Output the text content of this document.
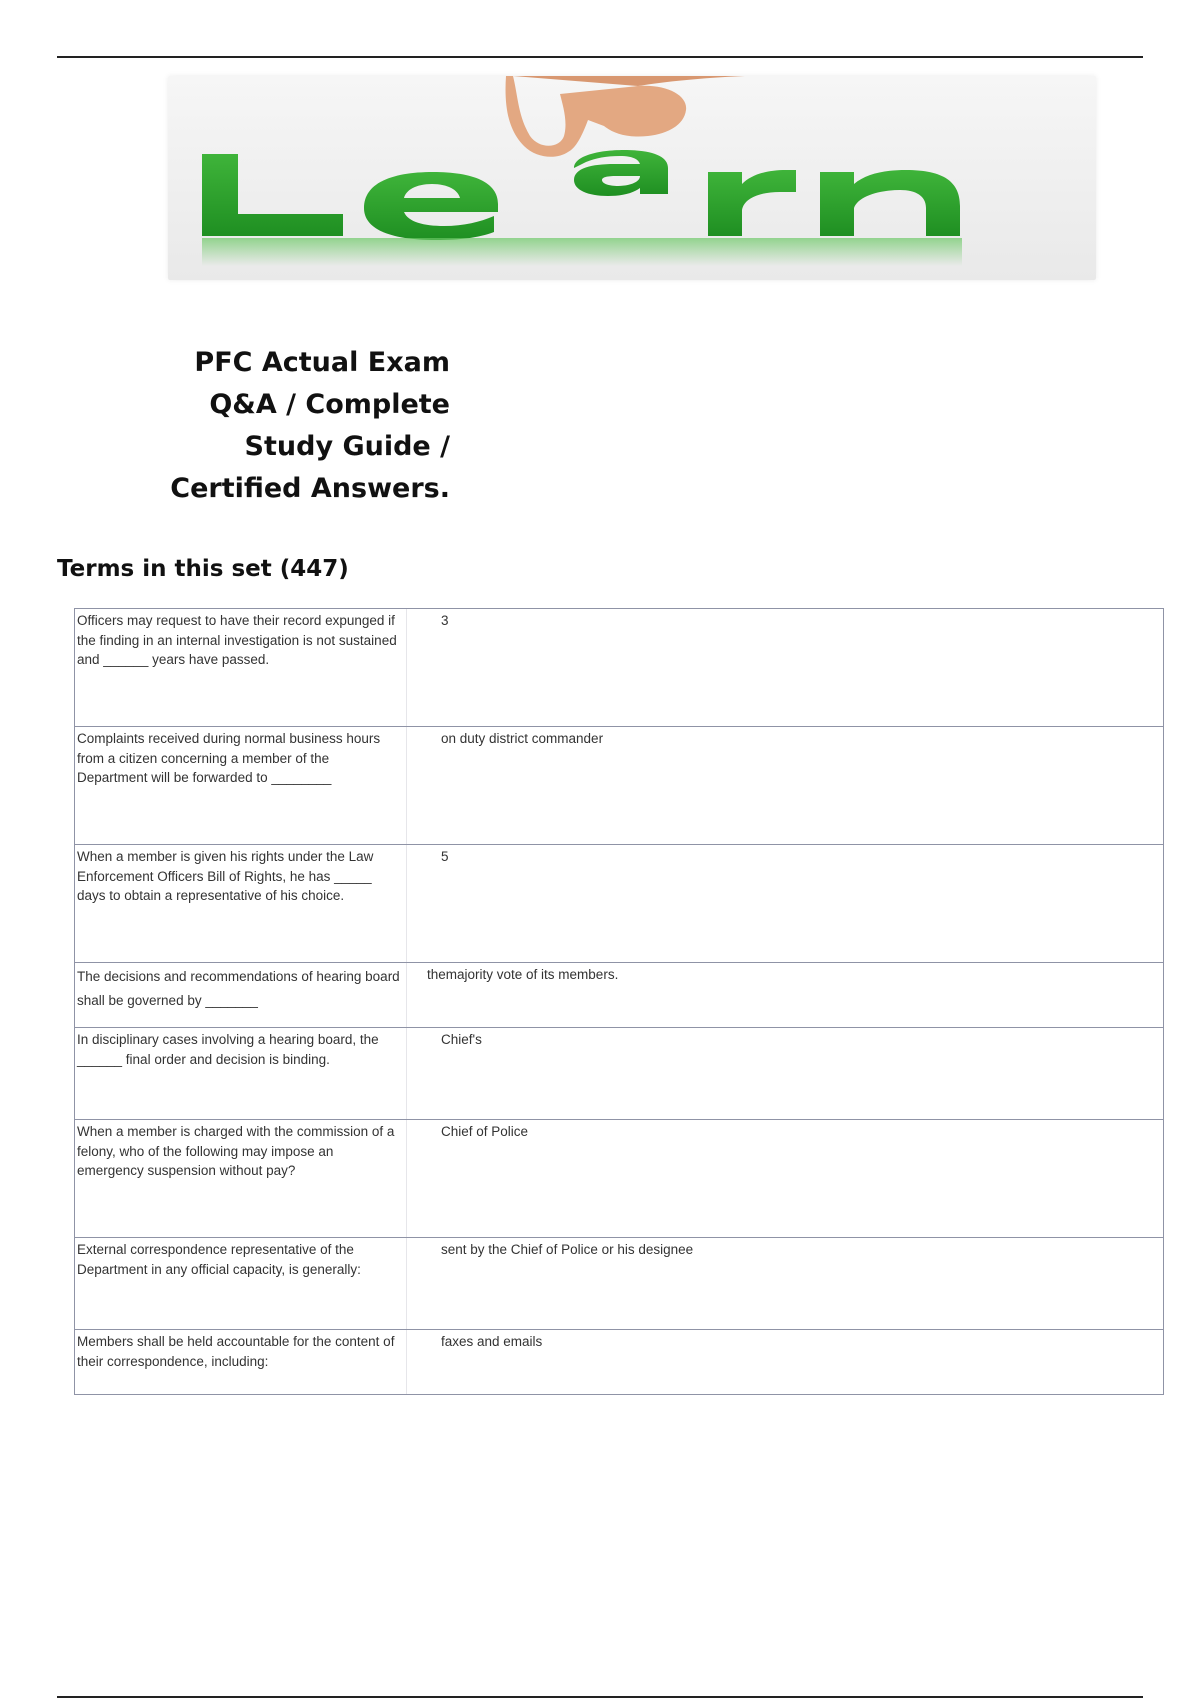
PFC Actual Exam
Q&A / Complete
Study Guide /
Certified Answers.
Terms in this set (447)
Officers may request to have their record expunged if the finding in an internal investigation is not sustained and ______ years have passed.
3
Complaints received during normal business hours from a citizen concerning a member of the Department will be forwarded to ________
on duty district commander
When a member is given his rights under the Law Enforcement Officers Bill of Rights, he has _____ days to obtain a representative of his choice.
5
The decisions and recommendations of hearing board shall be governed by _______
themajority vote of its members.
In disciplinary cases involving a hearing board, the ______ final order and decision is binding.
Chief's
When a member is charged with the commission of a felony, who of the following may impose an emergency suspension without pay?
Chief of Police
External correspondence representative of the Department in any official capacity, is generally:
sent by the Chief of Police or his designee
Members shall be held accountable for the content of their correspondence, including:
faxes and emails
